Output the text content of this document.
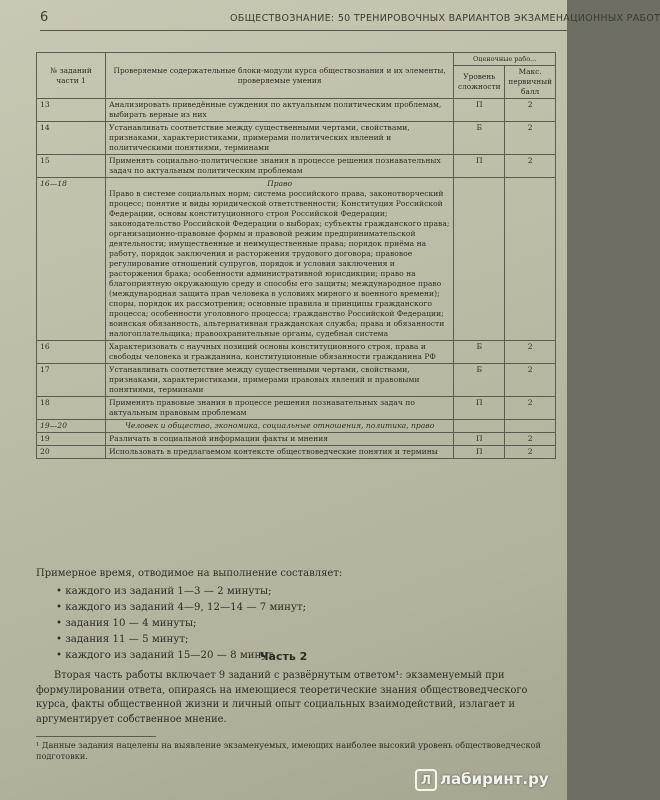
6	ОБЩЕСТВОЗНАНИЕ: 50 ТРЕНИРОВОЧНЫХ ВАРИАНТОВ ЭКЗАМЕНАЦИОННЫХ РАБОТ
№ заданий части 1	Проверяемые содержательные блоки-модули курса обществознания и их элементы, проверяемые умения	Оценочные рабо...	
		Уровень сложности	Макс. первичный балл
13	Анализировать приведённые суждения по актуальным политическим проблемам, выбирать верные из них	П	2
14	Устанавливать соответствие между существенными чертами, свойствами, признаками, характеристиками, примерами политических явлений и политическими понятиями, терминами	Б	2
15	Применять социально-политические знания в процессе решения познавательных задач по актуальным политическим проблемам	П	2
16—18	Право
Право в системе социальных норм; система российского права, законотворческий процесс; понятие и виды юридической ответственности; Конституция Российской Федерации, основы конституционного строя Российской Федерации; законодательство Российской Федерации о выборах; субъекты гражданского права; организационно-правовые формы и правовой режим предпринимательской деятельности; имущественные и неимущественные права; порядок приёма на работу, порядок заключения и расторжения трудового договора; правовое регулирование отношений супругов, порядок и условия заключения и расторжения брака; особенности административной юрисдикции; право на благоприятную окружающую среду и способы его защиты; международное право (международная защита прав человека в условиях мирного и военного времени); споры, порядок их рассмотрения; основные правила и принципы гражданского процесса; особенности уголовного процесса; гражданство Российской Федерации; воинская обязанность, альтернативная гражданская служба; права и обязанности налогоплательщика; правоохранительные органы, судебная система		

16	Характеризовать с научных позиций основы конституционного строя, права и свободы человека и гражданина, конституционные обязанности гражданина РФ	Б	2
17	Устанавливать соответствие между существенными чертами, свойствами, признаками, характеристиками, примерами правовых явлений и правовыми понятиями, терминами	Б	2
18	Применять правовые знания в процессе решения познавательных задач по актуальным правовым проблемам	П	2
19—20	Человек и общество, экономика, социальные отношения, политика, право		
19	Различать в социальной информации факты и мнения	П	2
20	Использовать в предлагаемом контексте обществоведческие понятия и термины	П	2
Примерное время, отводимое на выполнение составляет:
• каждого из заданий 1—3 — 2 минуты;
• каждого из заданий 4—9, 12—14 — 7 минут;
• задания 10 — 4 минуты;
• задания 11 — 5 минут;
• каждого из заданий 15—20 — 8 минут.
Часть 2
Вторая часть работы включает 9 заданий с развёрнутым ответом¹: экзаменуемый при формулировании ответа, опираясь на имеющиеся теоретические знания обществоведческого курса, факты общественной жизни и личный опыт социальных взаимодействий, излагает и аргументирует собственное мнение.
¹ Данные задания нацелены на выявление экзаменуемых, имеющих наиболее высокий уровень обществоведческой подготовки.
Л лабиринт.ру
